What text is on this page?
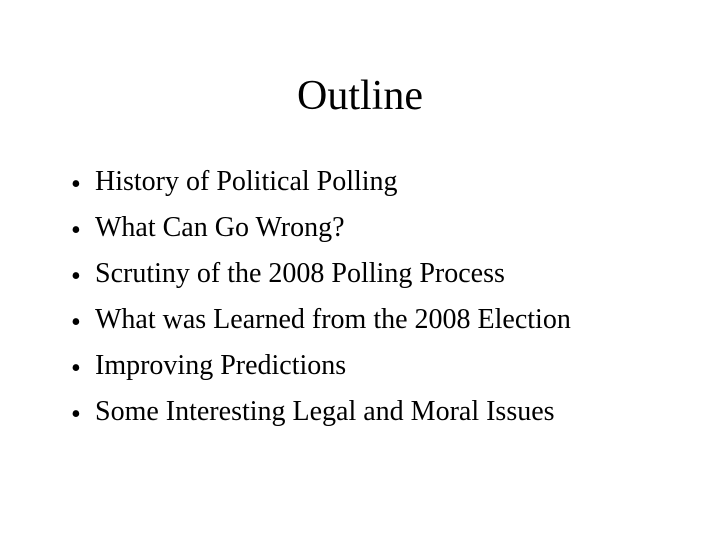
Outline
• History of Political Polling
• What Can Go Wrong?
• Scrutiny of the 2008 Polling Process
• What was Learned from the 2008 Election
• Improving Predictions
• Some Interesting Legal and Moral Issues
